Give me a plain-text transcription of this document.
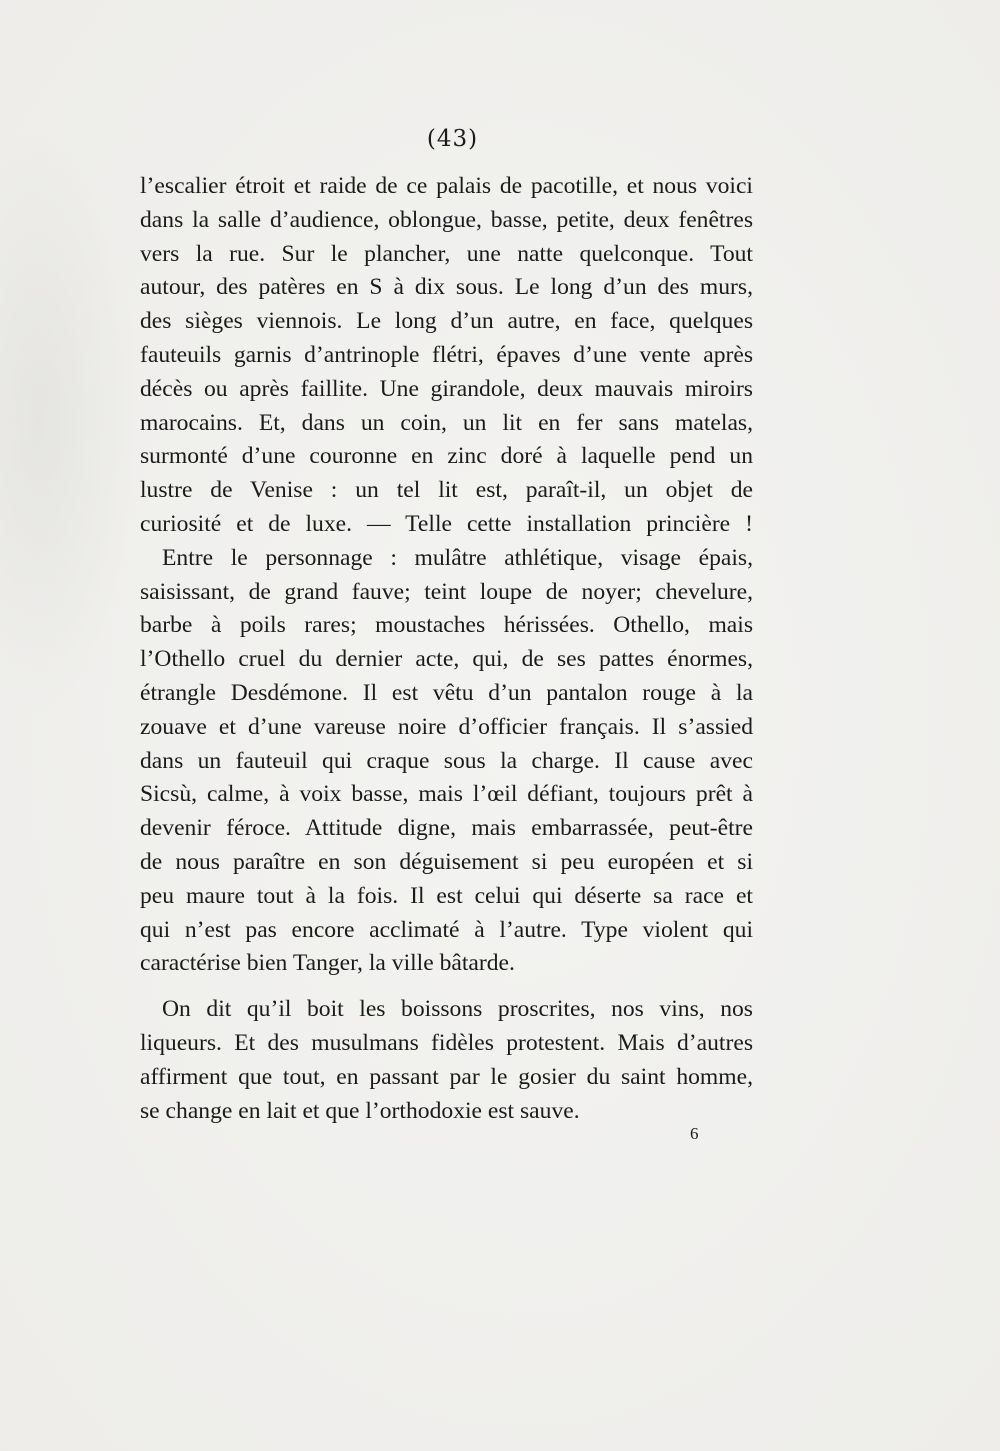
(43)
l’escalier étroit et raide de ce palais de pacotille, et nous voici
dans la salle d’audience, oblongue, basse, petite, deux fenêtres
vers la rue. Sur le plancher, une natte quelconque. Tout
autour, des patères en S à dix sous. Le long d’un des murs,
des sièges viennois. Le long d’un autre, en face, quelques
fauteuils garnis d’antrinople flétri, épaves d’une vente après
décès ou après faillite. Une girandole, deux mauvais miroirs
marocains. Et, dans un coin, un lit en fer sans matelas,
surmonté d’une couronne en zinc doré à laquelle pend un
lustre de Venise : un tel lit est, paraît-il, un objet de
curiosité et de luxe. — Telle cette installation princière !
Entre le personnage : mulâtre athlétique, visage épais,
saisissant, de grand fauve; teint loupe de noyer; chevelure,
barbe à poils rares; moustaches hérissées. Othello, mais
l’Othello cruel du dernier acte, qui, de ses pattes énormes,
étrangle Desdémone. Il est vêtu d’un pantalon rouge à la
zouave et d’une vareuse noire d’officier français. Il s’assied
dans un fauteuil qui craque sous la charge. Il cause avec
Sicsù, calme, à voix basse, mais l’œil défiant, toujours prêt à
devenir féroce. Attitude digne, mais embarrassée, peut-être
de nous paraître en son déguisement si peu européen et si
peu maure tout à la fois. Il est celui qui déserte sa race et
qui n’est pas encore acclimaté à l’autre. Type violent qui
caractérise bien Tanger, la ville bâtarde.
On dit qu’il boit les boissons proscrites, nos vins, nos
liqueurs. Et des musulmans fidèles protestent. Mais d’autres
affirment que tout, en passant par le gosier du saint homme,
se change en lait et que l’orthodoxie est sauve.
6
